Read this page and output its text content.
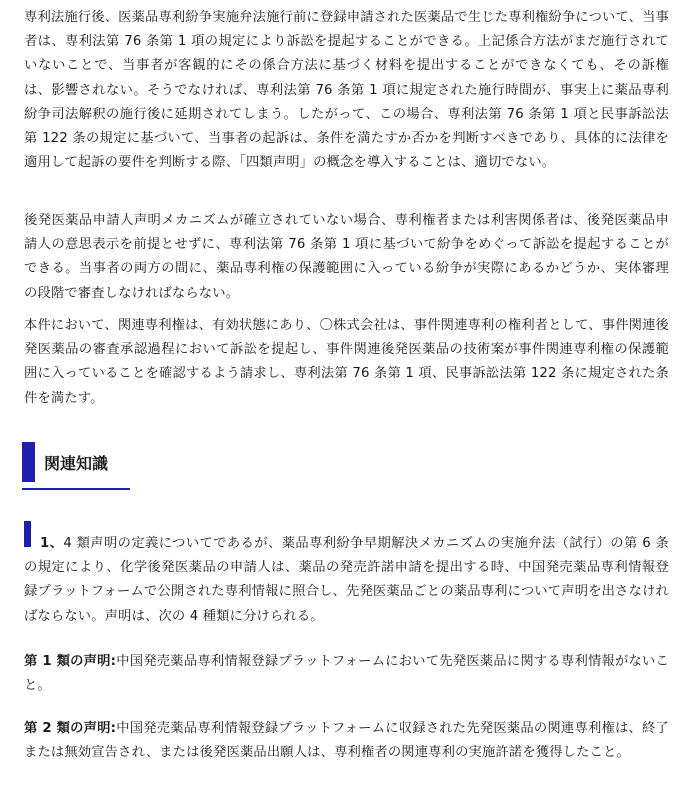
専利法施行後、医薬品専利紛争実施弁法施行前に登録申請された医薬品で生じた専利権紛争について、当事者は、専利法第 76 条第 1 項の規定により訴訟を提起することができる。上記係合方法がまだ施行されていないことで、当事者が客観的にその係合方法に基づく材料を提出することができなくても、その訴権は、影響されない。そうでなければ、専利法第 76 条第 1 項に規定された施行時間が、事実上に薬品専利紛争司法解釈の施行後に延期されてしまう。したがって、この場合、専利法第 76 条第 1 項と民事訴訟法第 122 条の規定に基づいて、当事者の起訴は、条件を満たすか否かを判断すべきであり、具体的に法律を適用して起訴の要件を判断する際、「四類声明」の概念を導入することは、適切でない。

後発医薬品申請人声明メカニズムが確立されていない場合、専利権者または利害関係者は、後発医薬品申請人の意思表示を前提とせずに、専利法第 76 条第 1 項に基づいて紛争をめぐって訴訟を提起することができる。当事者の両方の間に、薬品専利権の保護範囲に入っている紛争が実際にあるかどうか、実体審理の段階で審査しなければならない。

本件において、関連専利権は、有効状態にあり、〇株式会社は、事件関連専利の権利者として、事件関連後発医薬品の審査承認過程において訴訟を提起し、事件関連後発医薬品の技術案が事件関連専利権の保護範囲に入っていることを確認するよう請求し、専利法第 76 条第 1 項、民事訴訟法第 122 条に規定された条件を満たす。

関連知識

1、4 類声明の定義についてであるが、薬品専利紛争早期解決メカニズムの実施弁法（試行）の第 6 条の規定により、化学後発医薬品の申請人は、薬品の発売許諾申請を提出する時、中国発売薬品専利情報登録プラットフォームで公開された専利情報に照合し、先発医薬品ごとの薬品専利について声明を出さなければならない。声明は、次の 4 種類に分けられる。

第 1 類の声明:中国発売薬品専利情報登録プラットフォームにおいて先発医薬品に関する専利情報がないこと。

第 2 類の声明:中国発売薬品専利情報登録プラットフォームに収録された先発医薬品の関連専利権は、終了または無効宣告され、または後発医薬品出願人は、専利権者の関連専利の実施許諾を獲得したこと。
